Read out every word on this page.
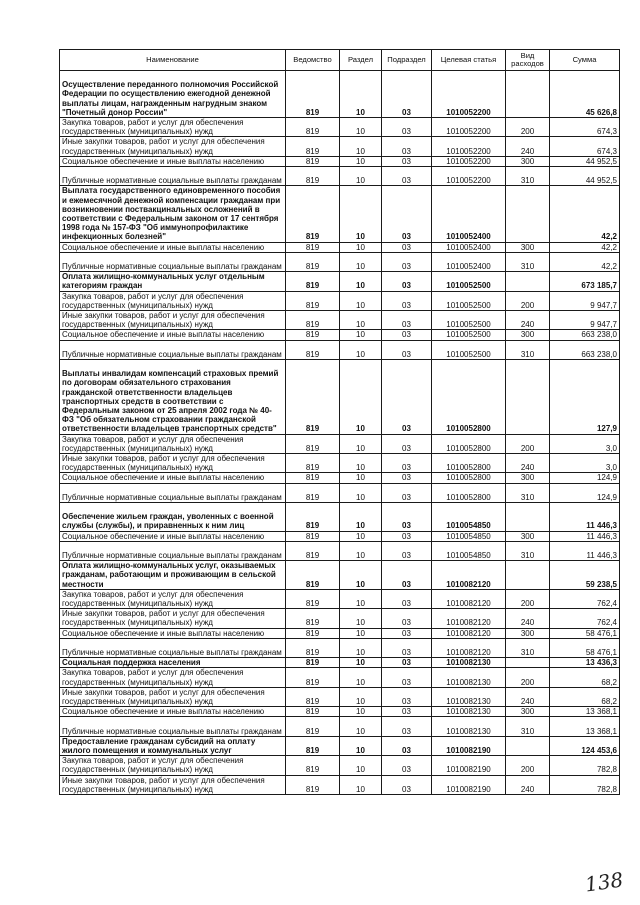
Наименование	Ведомство	Раздел	Подраздел	Целевая статья	Вид расходов	Сумма
Осуществление переданного полномочия Российской Федерации по осуществлению ежегодной денежной выплаты лицам, награжденным нагрудным знаком "Почетный донор России"	819	10	03	1010052200		45 626,8
Закупка товаров, работ и услуг для обеспечения государственных (муниципальных) нужд	819	10	03	1010052200	200	674,3
Иные закупки товаров, работ и услуг для обеспечения государственных (муниципальных) нужд	819	10	03	1010052200	240	674,3
Социальное обеспечение и иные выплаты населению	819	10	03	1010052200	300	44 952,5
Публичные нормативные социальные выплаты гражданам	819	10	03	1010052200	310	44 952,5
Выплата государственного единовременного пособия и ежемесячной денежной компенсации гражданам при возникновении поствакцинальных осложнений в соответствии с Федеральным законом от 17 сентября 1998 года № 157-ФЗ "Об иммунопрофилактике инфекционных болезней"	819	10	03	1010052400		42,2
Социальное обеспечение и иные выплаты населению	819	10	03	1010052400	300	42,2
Публичные нормативные социальные выплаты гражданам	819	10	03	1010052400	310	42,2
Оплата жилищно-коммунальных услуг отдельным категориям граждан	819	10	03	1010052500		673 185,7
Закупка товаров, работ и услуг для обеспечения государственных (муниципальных) нужд	819	10	03	1010052500	200	9 947,7
Иные закупки товаров, работ и услуг для обеспечения государственных (муниципальных) нужд	819	10	03	1010052500	240	9 947,7
Социальное обеспечение и иные выплаты населению	819	10	03	1010052500	300	663 238,0
Публичные нормативные социальные выплаты гражданам	819	10	03	1010052500	310	663 238,0
Выплаты инвалидам компенсаций страховых премий по договорам обязательного страхования гражданской ответственности владельцев транспортных средств в соответствии с Федеральным законом от 25 апреля 2002 года № 40-ФЗ "Об обязательном страховании гражданской ответственности владельцев транспортных средств"	819	10	03	1010052800		127,9
Закупка товаров, работ и услуг для обеспечения государственных (муниципальных) нужд	819	10	03	1010052800	200	3,0
Иные закупки товаров, работ и услуг для обеспечения государственных (муниципальных) нужд	819	10	03	1010052800	240	3,0
Социальное обеспечение и иные выплаты населению	819	10	03	1010052800	300	124,9
Публичные нормативные социальные выплаты гражданам	819	10	03	1010052800	310	124,9
Обеспечение жильем граждан, уволенных с военной службы (службы), и приравненных к ним лиц	819	10	03	1010054850		11 446,3
Социальное обеспечение и иные выплаты населению	819	10	03	1010054850	300	11 446,3
Публичные нормативные социальные выплаты гражданам	819	10	03	1010054850	310	11 446,3
Оплата жилищно-коммунальных услуг, оказываемых гражданам, работающим и проживающим в сельской местности	819	10	03	1010082120		59 238,5
Закупка товаров, работ и услуг для обеспечения государственных (муниципальных) нужд	819	10	03	1010082120	200	762,4
Иные закупки товаров, работ и услуг для обеспечения государственных (муниципальных) нужд	819	10	03	1010082120	240	762,4
Социальное обеспечение и иные выплаты населению	819	10	03	1010082120	300	58 476,1
Публичные нормативные социальные выплаты гражданам	819	10	03	1010082120	310	58 476,1
Социальная поддержка населения	819	10	03	1010082130		13 436,3
Закупка товаров, работ и услуг для обеспечения государственных (муниципальных) нужд	819	10	03	1010082130	200	68,2
Иные закупки товаров, работ и услуг для обеспечения государственных (муниципальных) нужд	819	10	03	1010082130	240	68,2
Социальное обеспечение и иные выплаты населению	819	10	03	1010082130	300	13 368,1
Публичные нормативные социальные выплаты гражданам	819	10	03	1010082130	310	13 368,1
Предоставление гражданам субсидий на оплату жилого помещения и коммунальных услуг	819	10	03	1010082190		124 453,6
Закупка товаров, работ и услуг для обеспечения государственных (муниципальных) нужд	819	10	03	1010082190	200	782,8
Иные закупки товаров, работ и услуг для обеспечения государственных (муниципальных) нужд	819	10	03	1010082190	240	782,8
138
